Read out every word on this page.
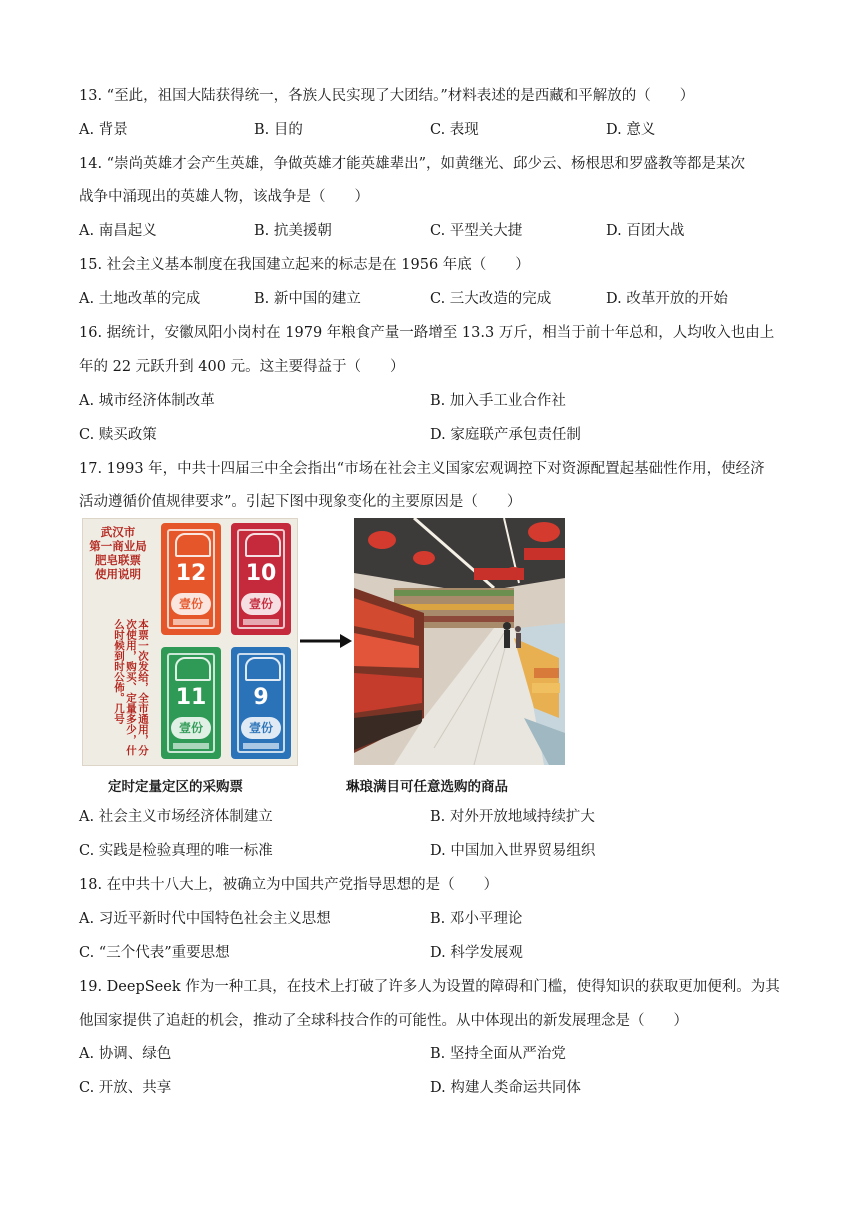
13. “至此，祖国大陆获得统一，各族人民实现了大团结。”材料表述的是西藏和平解放的（　　）
A. 背景	B. 目的	C. 表现	D. 意义
14. “崇尚英雄才会产生英雄，争做英雄才能英雄辈出”，如黄继光、邱少云、杨根思和罗盛教等都是某次
战争中涌现出的英雄人物，该战争是（　　）
A. 南昌起义	B. 抗美援朝	C. 平型关大捷	D. 百团大战
15. 社会主义基本制度在我国建立起来的标志是在 1956 年底（　　）
A. 土地改革的完成	B. 新中国的建立	C. 三大改造的完成	D. 改革开放的开始
16. 据统计，安徽凤阳小岗村在 1979 年粮食产量一路增至 13.3 万斤，相当于前十年总和，人均收入也由上
年的 22 元跃升到 400 元。这主要得益于（　　）
A. 城市经济体制改革	B. 加入手工业合作社
C. 赎买政策	D. 家庭联产承包责任制
17. 1993 年，中共十四届三中全会指出“市场在社会主义国家宏观调控下对资源配置起基础性作用，使经济
活动遵循价值规律要求”。引起下图中现象变化的主要原因是（　　）
武汉市
第一商业局
肥皂联票
使用说明
本票一次发给，全市通用，分次使用，购买、定量多少，什么时候到时公佈。几号
12
壹份
10
壹份
11
壹份
9
壹份
定时定量定区的采购票	琳琅满目可任意选购的商品
A. 社会主义市场经济体制建立	B. 对外开放地域持续扩大
C. 实践是检验真理的唯一标准	D. 中国加入世界贸易组织
18. 在中共十八大上，被确立为中国共产党指导思想的是（　　）
A. 习近平新时代中国特色社会主义思想	B. 邓小平理论
C. “三个代表”重要思想	D. 科学发展观
19. DeepSeek 作为一种工具，在技术上打破了许多人为设置的障碍和门槛，使得知识的获取更加便利。为其
他国家提供了追赶的机会，推动了全球科技合作的可能性。从中体现出的新发展理念是（　　）
A. 协调、绿色	B. 坚持全面从严治党
C. 开放、共享	D. 构建人类命运共同体
